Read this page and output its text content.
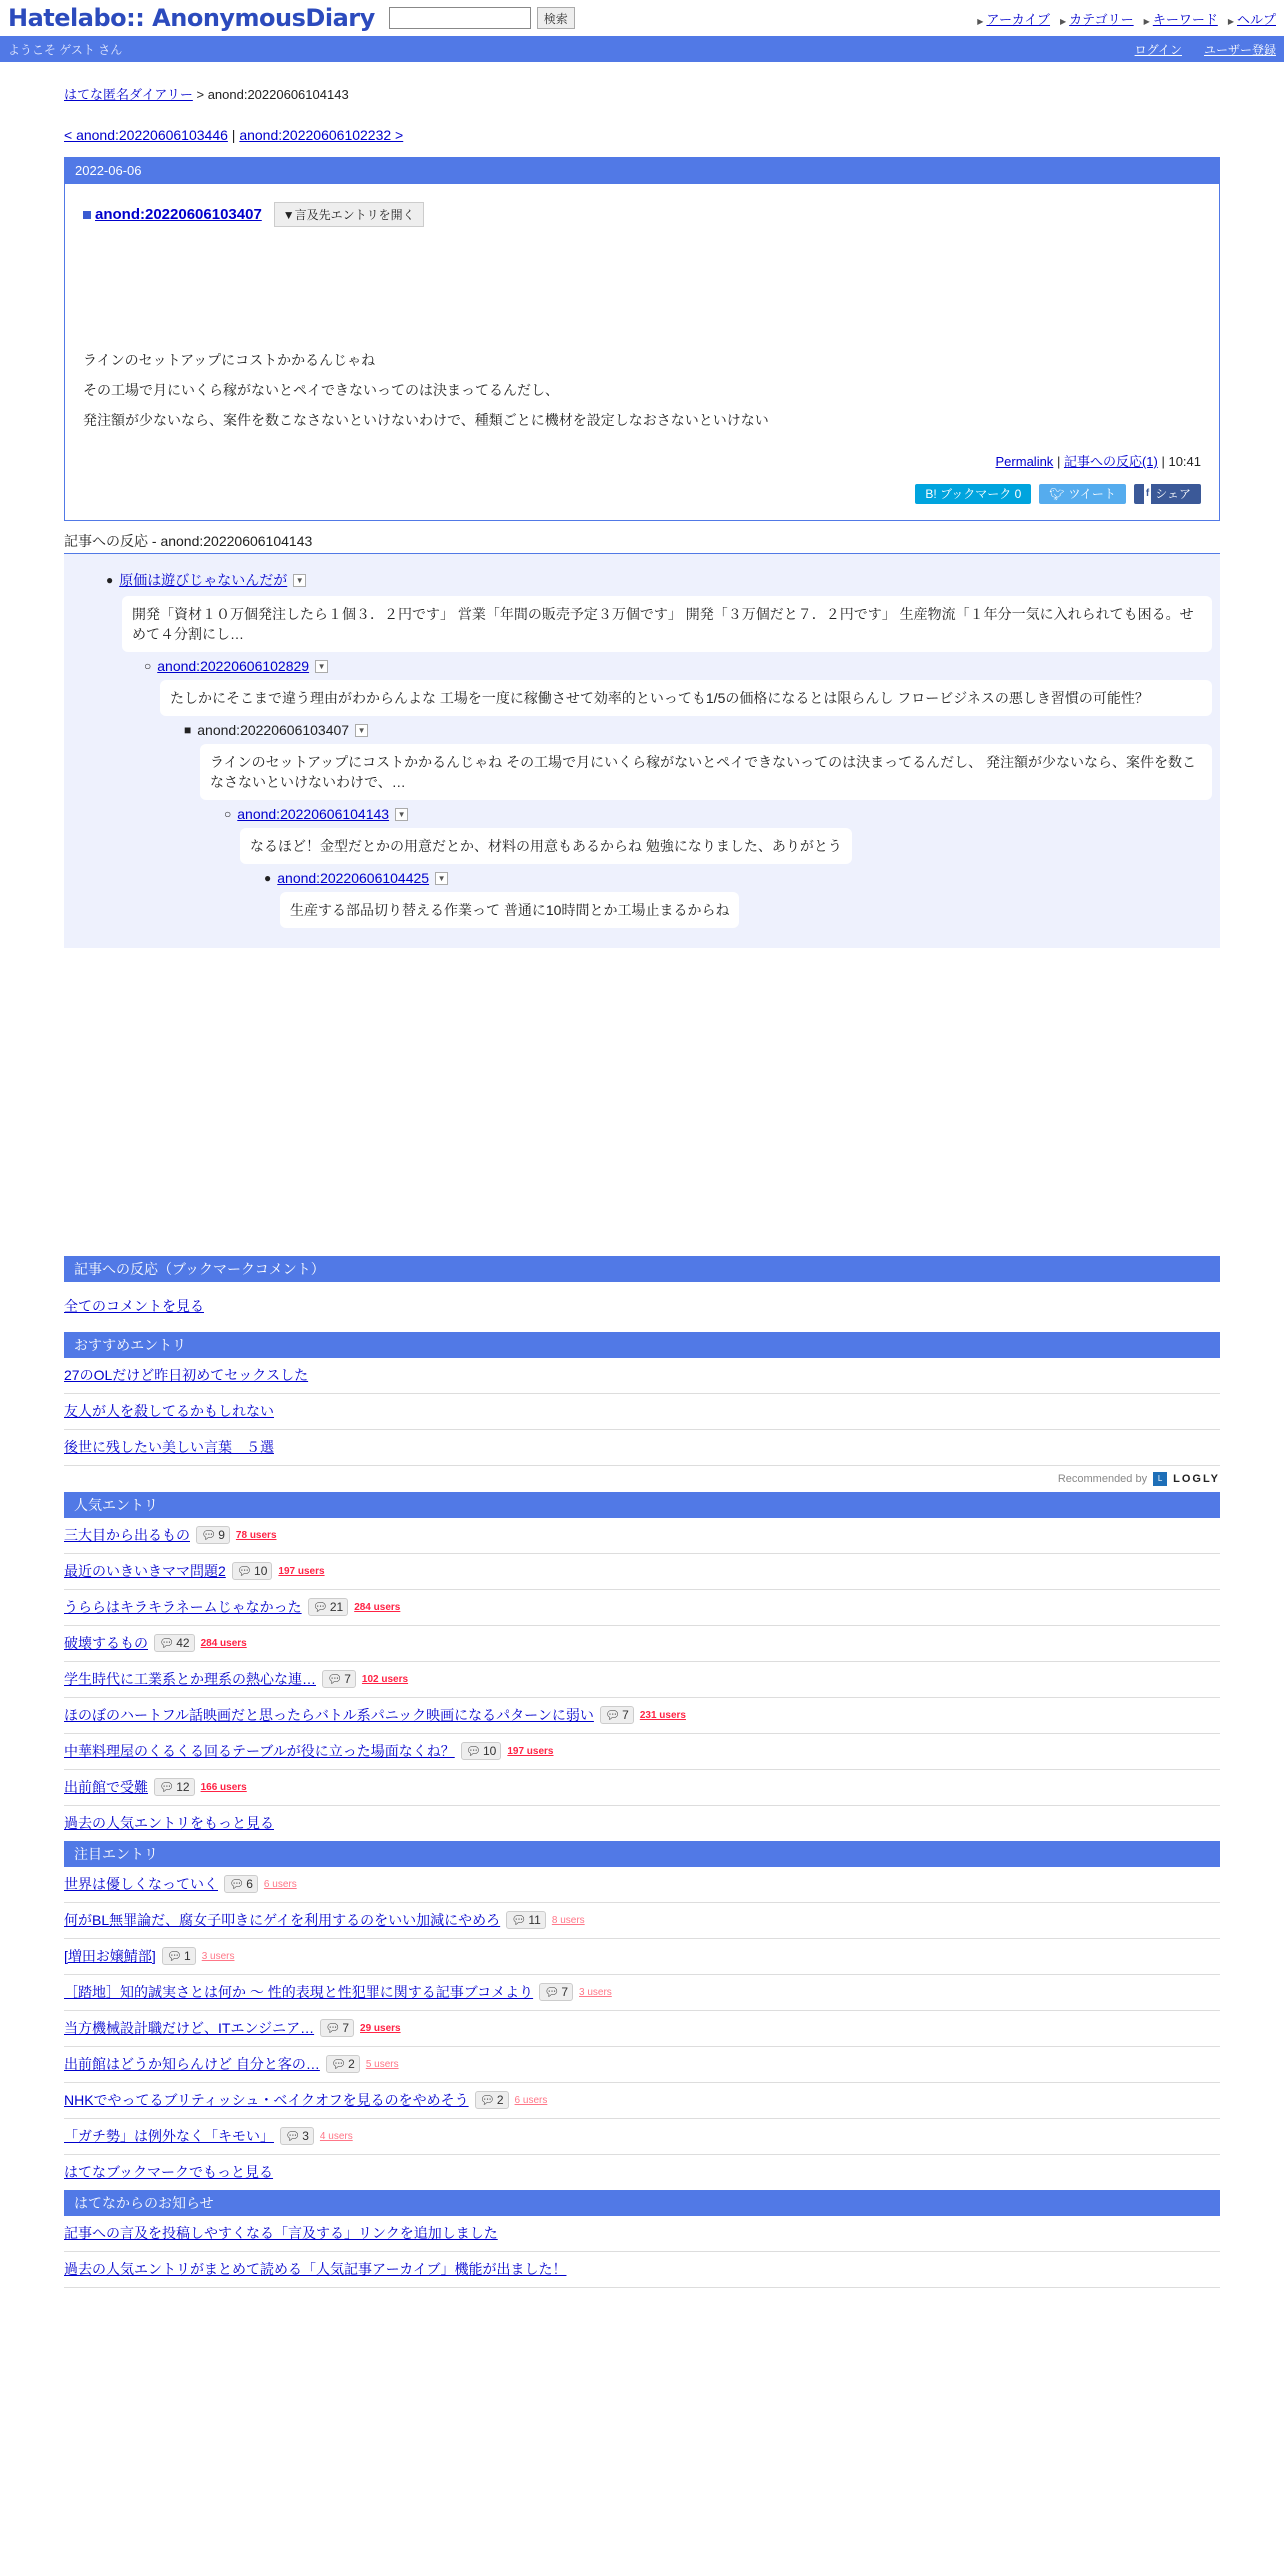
Hatelabo:: AnonymousDiary	検索	▶ アーカイブ	▶ カテゴリー	▶ キーワード	▶ ヘルプ
ようこそ ゲスト さん	ログイン ユーザー登録
はてな匿名ダイアリー > anond:20220606104143
< anond:20220606103446 | anond:20220606102232 >
2022-06-06
anond:20220606103407	▼言及先エントリを開く
ラインのセットアップにコストかかるんじゃね
その工場で月にいくら稼がないとペイできないってのは決まってるんだし、
発注額が少ないなら、案件を数こなさないといけないわけで、種類ごとに機材を設定しなおさないといけない
Permalink | 記事への反応(1) | 10:41
B! ブックマーク 0	🐦︎ ツイート	f シェア
記事への反応 - anond:20220606104143
● 原価は遊びじゃないんだが	▼
開発「資材１０万個発注したら１個３．２円です」 営業「年間の販売予定３万個です」 開発「３万個だと７．２円です」 生産物流「１年分一気に入れられても困る。せめて４分割にし…
○ anond:20220606102829	▼
たしかにそこまで違う理由がわからんよな 工場を一度に稼働させて効率的といっても1/5の価格になるとは限らんし フロービジネスの悪しき習慣の可能性？
■ anond:20220606103407	▼
ラインのセットアップにコストかかるんじゃね その工場で月にいくら稼がないとペイできないってのは決まってるんだし、 発注額が少ないなら、案件を数こなさないといけないわけで、…
○ anond:20220606104143	▼
なるほど！金型だとかの用意だとか、材料の用意もあるからね 勉強になりました、ありがとう
● anond:20220606104425	▼
生産する部品切り替える作業って 普通に10時間とか工場止まるからね
記事への反応（ブックマークコメント）
全てのコメントを見る
おすすめエントリ
27のOLだけど昨日初めてセックスした
友人が人を殺してるかもしれない
後世に残したい美しい言葉　５選
Recommended by	L LOGLY
人気エントリ
三大目から出るもの 💬︎ 9 78 users
最近のいきいきママ問題2 💬︎ 10 197 users
うららはキラキラネームじゃなかった 💬︎ 21 284 users
破壊するもの 💬︎ 42 284 users
学生時代に工業系とか理系の熱心な連… 💬︎ 7 102 users
ほのぼのハートフル話映画だと思ったらバトル系パニック映画になるパターンに弱い 💬︎ 7 231 users
中華料理屋のくるくる回るテーブルが役に立った場面なくね？ 💬︎ 10 197 users
出前館で受難 💬︎ 12 166 users
過去の人気エントリをもっと見る
注目エントリ
世界は優しくなっていく 💬︎ 6 6 users
何がBL無罪論だ、腐女子叩きにゲイを利用するのをいい加減にやめろ 💬︎ 11 8 users
[増田お嬢鯖部] 💬︎ 1 3 users
［踏地］知的誠実さとは何か ～ 性的表現と性犯罪に関する記事ブコメより 💬︎ 7 3 users
当方機械設計職だけど、ITエンジニア… 💬︎ 7 29 users
出前館はどうか知らんけど 自分と客の… 💬︎ 2 5 users
NHKでやってるブリティッシュ・ベイクオフを見るのをやめそう 💬︎ 2 6 users
「ガチ勢」は例外なく「キモい」 💬︎ 3 4 users
はてなブックマークでもっと見る
はてなからのお知らせ
記事への言及を投稿しやすくなる「言及する」リンクを追加しました
過去の人気エントリがまとめて読める「人気記事アーカイブ」機能が出ました！
